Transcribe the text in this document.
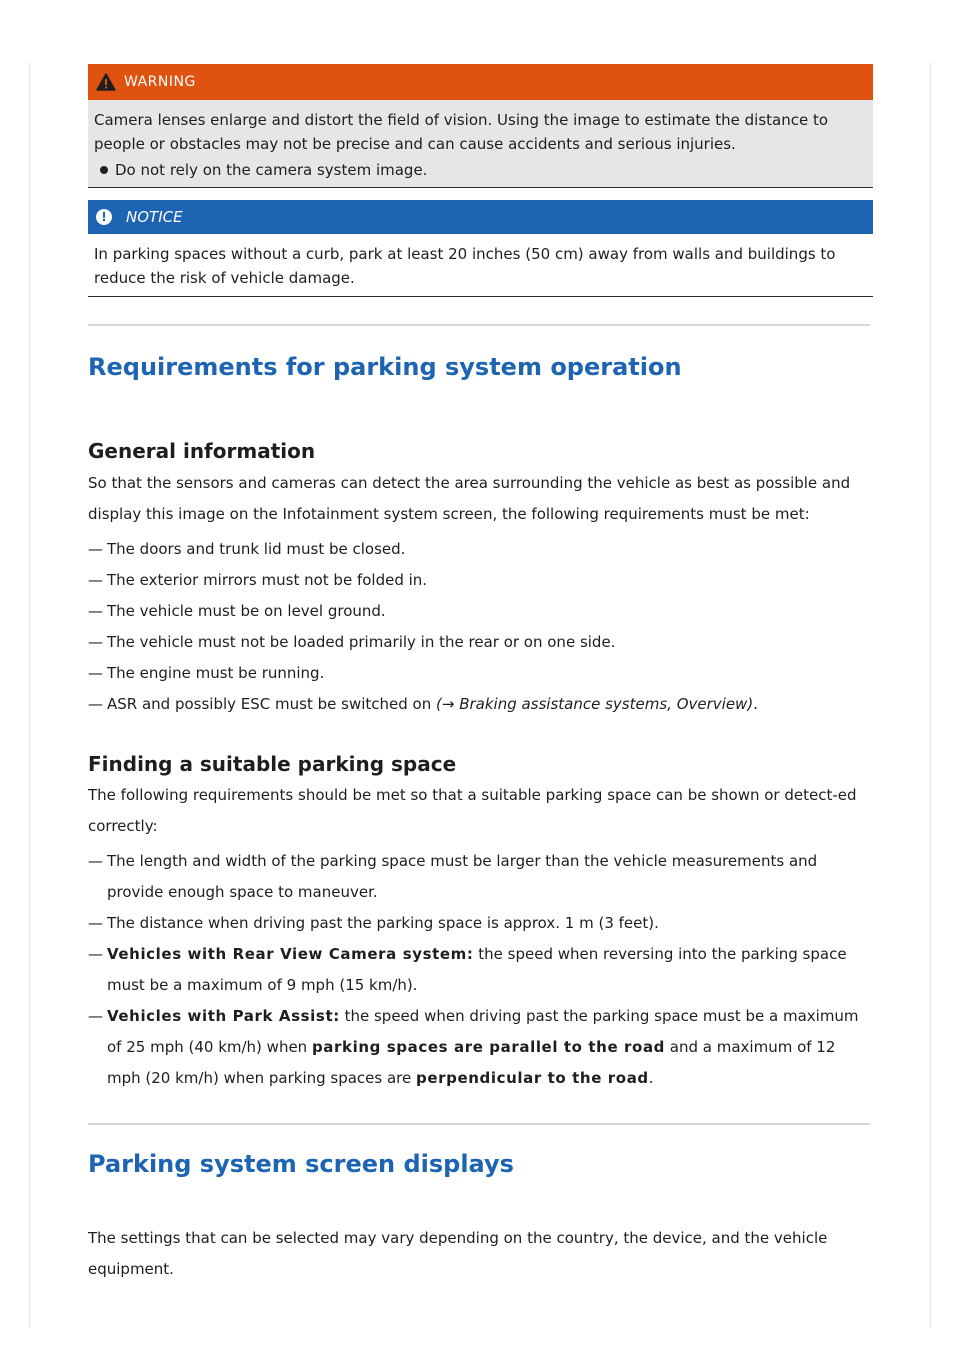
WARNING
Camera lenses enlarge and distort the field of vision. Using the image to estimate the distance to people or obstacles may not be precise and can cause accidents and serious injuries.
Do not rely on the camera system image.
!	NOTICE
In parking spaces without a curb, park at least 20 inches (50 cm) away from walls and buildings to reduce the risk of vehicle damage.
Requirements for parking system operation
General information

So that the sensors and cameras can detect the area surrounding the vehicle as best as possible and display this image on the Infotainment system screen, the following requirements must be met:

— The doors and trunk lid must be closed.
— The exterior mirrors must not be folded in.
— The vehicle must be on level ground.
— The vehicle must not be loaded primarily in the rear or on one side.
— The engine must be running.
— ASR and possibly ESC must be switched on (→ Braking assistance systems, Overview).
Finding a suitable parking space

The following requirements should be met so that a suitable parking space can be shown or detect-ed correctly:

— The length and width of the parking space must be larger than the vehicle measurements and provide enough space to maneuver.
— The distance when driving past the parking space is approx. 1 m (3 feet).
— Vehicles with Rear View Camera system: the speed when reversing into the parking space must be a maximum of 9 mph (15 km/h).
— Vehicles with Park Assist: the speed when driving past the parking space must be a maximum of 25 mph (40 km/h) when parking spaces are parallel to the road and a maximum of 12 mph (20 km/h) when parking spaces are perpendicular to the road.
Parking system screen displays

The settings that can be selected may vary depending on the country, the device, and the vehicle equipment.
